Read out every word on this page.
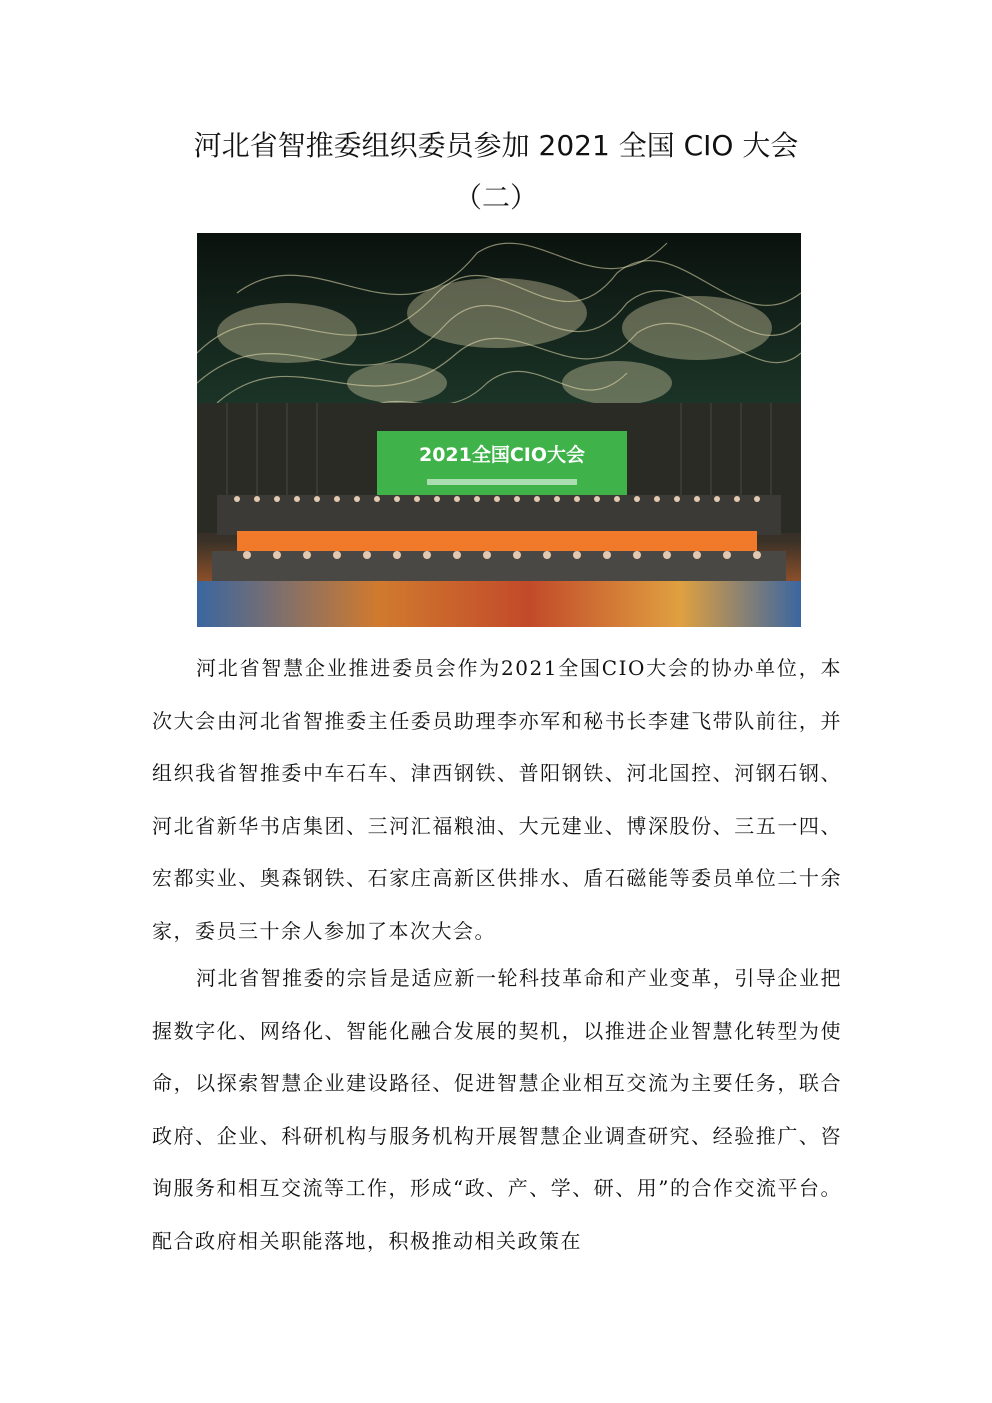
河北省智推委组织委员参加 2021 全国 CIO 大会
（二）
2021全国CIO大会

河北省智慧企业推进委员会作为2021全国CIO大会的协办单位，本次大会由河北省智推委主任委员助理李亦军和秘书长李建飞带队前往，并组织我省智推委中车石车、津西钢铁、普阳钢铁、河北国控、河钢石钢、河北省新华书店集团、三河汇福粮油、大元建业、博深股份、三五一四、宏都实业、奥森钢铁、石家庄高新区供排水、盾石磁能等委员单位二十余家，委员三十余人参加了本次大会。

河北省智推委的宗旨是适应新一轮科技革命和产业变革，引导企业把握数字化、网络化、智能化融合发展的契机，以推进企业智慧化转型为使命，以探索智慧企业建设路径、促进智慧企业相互交流为主要任务，联合政府、企业、科研机构与服务机构开展智慧企业调查研究、经验推广、咨询服务和相互交流等工作，形成“政、产、学、研、用”的合作交流平台。配合政府相关职能落地，积极推动相关政策在
